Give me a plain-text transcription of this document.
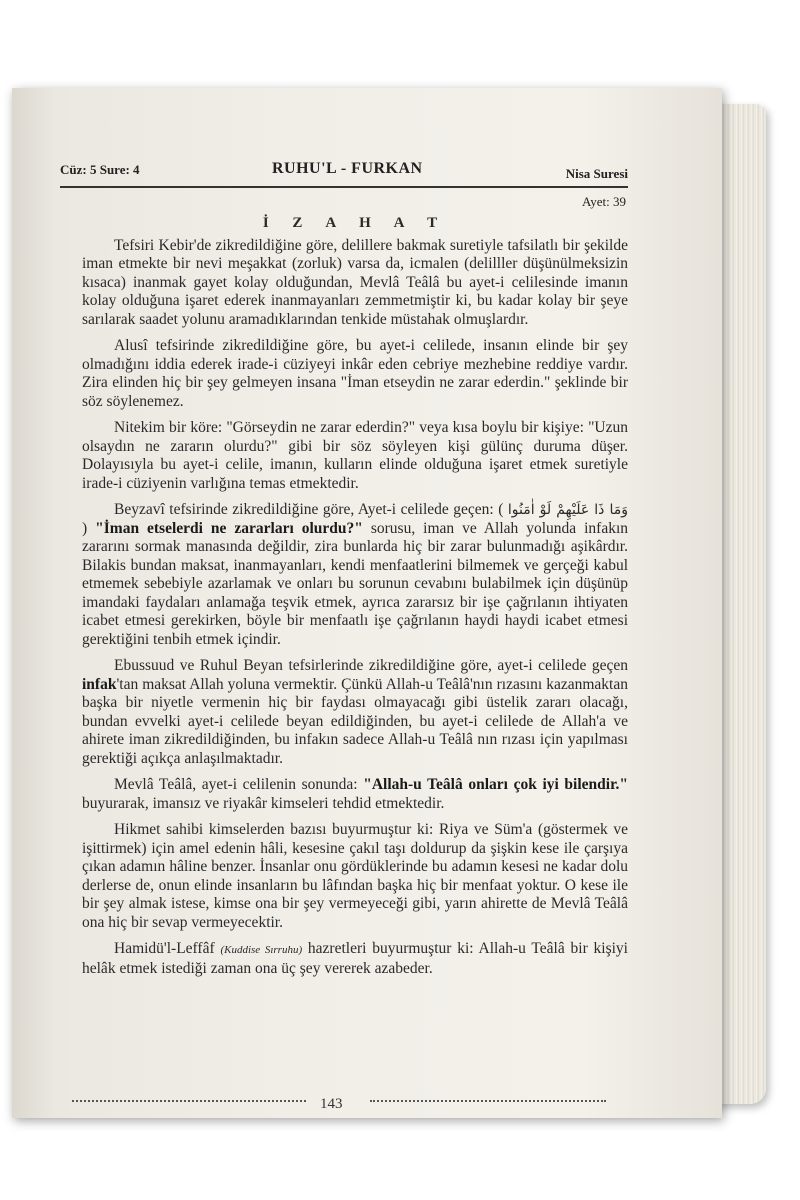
Cüz: 5 Sure: 4	RUHU'L - FURKAN	Nisa Suresi
Ayet: 39
İ Z A H A T

Tefsiri Kebir'de zikredildiğine göre, delillere bakmak suretiyle tafsilatlı bir şekilde iman etmekte bir nevi meşakkat (zorluk) varsa da, icmalen (delilller düşünülmeksizin kısaca) inanmak gayet kolay olduğundan, Mevlâ Teâlâ bu ayet-i celilesinde imanın kolay olduğuna işaret ederek inanmayanları zemmetmiştir ki, bu kadar kolay bir şeye sarılarak saadet yolunu aramadıklarından tenkide müstahak olmuşlardır.

Alusî tefsirinde zikredildiğine göre, bu ayet-i celilede, insanın elinde bir şey olmadığını iddia ederek irade-i cüziyeyi inkâr eden cebriye mezhebine reddiye vardır. Zira elinden hiç bir şey gelmeyen insana "İman etseydin ne zarar ederdin." şeklinde bir söz söylenemez.

Nitekim bir köre: "Görseydin ne zarar ederdin?" veya kısa boylu bir kişiye: "Uzun olsaydın ne zararın olurdu?" gibi bir söz söyleyen kişi gülünç duruma düşer. Dolayısıyla bu ayet-i celile, imanın, kulların elinde olduğuna işaret etmek suretiyle irade-i cüziyenin varlığına temas etmektedir.

Beyzavî tefsirinde zikredildiğine göre, Ayet-i celilede geçen: ( وَمَا ذَا عَلَيْهِمْ لَوْ اٰمَنُوا ) "İman etselerdi ne zararları olurdu?" sorusu, iman ve Allah yolunda infakın zararını sormak manasında değildir, zira bunlarda hiç bir zarar bulunmadığı aşikârdır. Bilakis bundan maksat, inanmayanları, kendi menfaatlerini bilmemek ve gerçeği kabul etmemek sebebiyle azarlamak ve onları bu sorunun cevabını bulabilmek için düşünüp imandaki faydaları anlamağa teşvik etmek, ayrıca zararsız bir işe çağrılanın ihtiyaten icabet etmesi gerekirken, böyle bir menfaatlı işe çağrılanın haydi haydi icabet etmesi gerektiğini tenbih etmek içindir.

Ebussuud ve Ruhul Beyan tefsirlerinde zikredildiğine göre, ayet-i celilede geçen infak'tan maksat Allah yoluna vermektir. Çünkü Allah-u Teâlâ'nın rızasını kazanmaktan başka bir niyetle vermenin hiç bir faydası olmayacağı gibi üstelik zararı olacağı, bundan evvelki ayet-i celilede beyan edildiğinden, bu ayet-i celilede de Allah'a ve ahirete iman zikredildiğinden, bu infakın sadece Allah-u Teâlâ nın rızası için yapılması gerektiği açıkça anlaşılmaktadır.

Mevlâ Teâlâ, ayet-i celilenin sonunda: "Allah-u Teâlâ onları çok iyi bilendir." buyurarak, imansız ve riyakâr kimseleri tehdid etmektedir.

Hikmet sahibi kimselerden bazısı buyurmuştur ki: Riya ve Süm'a (göstermek ve işittirmek) için amel edenin hâli, kesesine çakıl taşı doldurup da şişkin kese ile çarşıya çıkan adamın hâline benzer. İnsanlar onu gördüklerinde bu adamın kesesi ne kadar dolu derlerse de, onun elinde insanların bu lâfından başka hiç bir menfaat yoktur. O kese ile bir şey almak istese, kimse ona bir şey vermeyeceği gibi, yarın ahirette de Mevlâ Teâlâ ona hiç bir sevap vermeyecektir.

Hamidü'l-Leffâf (Kuddise Sırruhu) hazretleri buyurmuştur ki: Allah-u Teâlâ bir kişiyi helâk etmek istediği zaman ona üç şey vererek azabeder.

143
